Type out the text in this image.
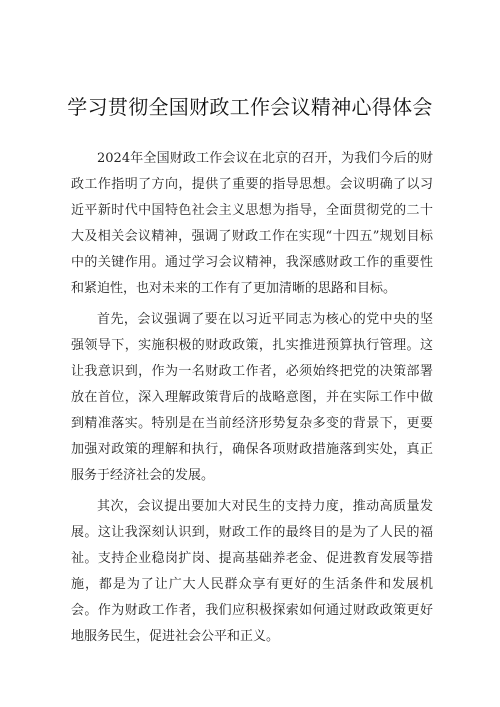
学习贯彻全国财政工作会议精神心得体会

2024年全国财政工作会议在北京的召开，为我们今后的财政工作指明了方向，提供了重要的指导思想。会议明确了以习近平新时代中国特色社会主义思想为指导，全面贯彻党的二十大及相关会议精神，强调了财政工作在实现“十四五”规划目标中的关键作用。通过学习会议精神，我深感财政工作的重要性和紧迫性，也对未来的工作有了更加清晰的思路和目标。

首先，会议强调了要在以习近平同志为核心的党中央的坚强领导下，实施积极的财政政策，扎实推进预算执行管理。这让我意识到，作为一名财政工作者，必须始终把党的决策部署放在首位，深入理解政策背后的战略意图，并在实际工作中做到精准落实。特别是在当前经济形势复杂多变的背景下，更要加强对政策的理解和执行，确保各项财政措施落到实处，真正服务于经济社会的发展。

其次，会议提出要加大对民生的支持力度，推动高质量发展。这让我深刻认识到，财政工作的最终目的是为了人民的福祉。支持企业稳岗扩岗、提高基础养老金、促进教育发展等措施，都是为了让广大人民群众享有更好的生活条件和发展机会。作为财政工作者，我们应积极探索如何通过财政政策更好地服务民生，促进社会公平和正义。
